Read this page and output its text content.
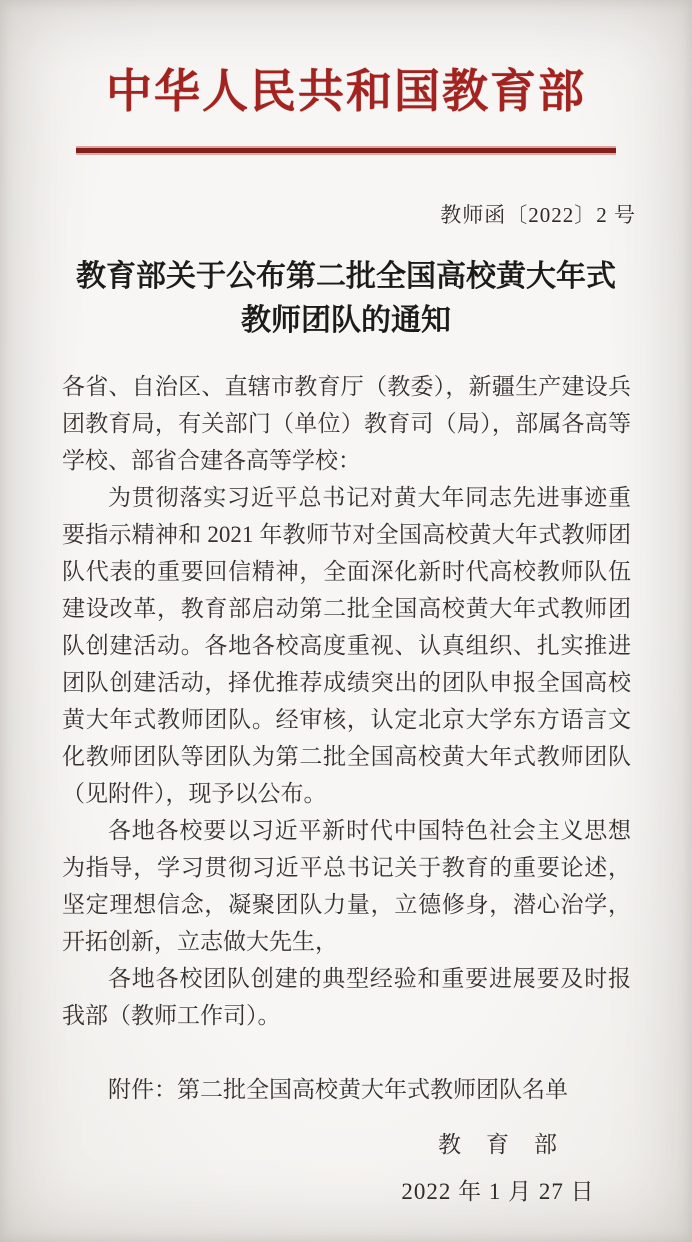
中华人民共和国教育部
教师函〔2022〕2 号
教育部关于公布第二批全国高校黄大年式
教师团队的通知

各省、自治区、直辖市教育厅（教委），新疆生产建设兵团教育局，有关部门（单位）教育司（局），部属各高等学校、部省合建各高等学校：

为贯彻落实习近平总书记对黄大年同志先进事迹重要指示精神和 2021 年教师节对全国高校黄大年式教师团队代表的重要回信精神，全面深化新时代高校教师队伍建设改革，教育部启动第二批全国高校黄大年式教师团队创建活动。各地各校高度重视、认真组织、扎实推进团队创建活动，择优推荐成绩突出的团队申报全国高校黄大年式教师团队。经审核，认定北京大学东方语言文化教师团队等团队为第二批全国高校黄大年式教师团队（见附件），现予以公布。

各地各校要以习近平新时代中国特色社会主义思想为指导，学习贯彻习近平总书记关于教育的重要论述，坚定理想信念，凝聚团队力量，立德修身，潜心治学，开拓创新，立志做大先生，

各地各校团队创建的典型经验和重要进展要及时报我部（教师工作司）。

附件：第二批全国高校黄大年式教师团队名单

教　育　部
2022 年 1 月 27 日
